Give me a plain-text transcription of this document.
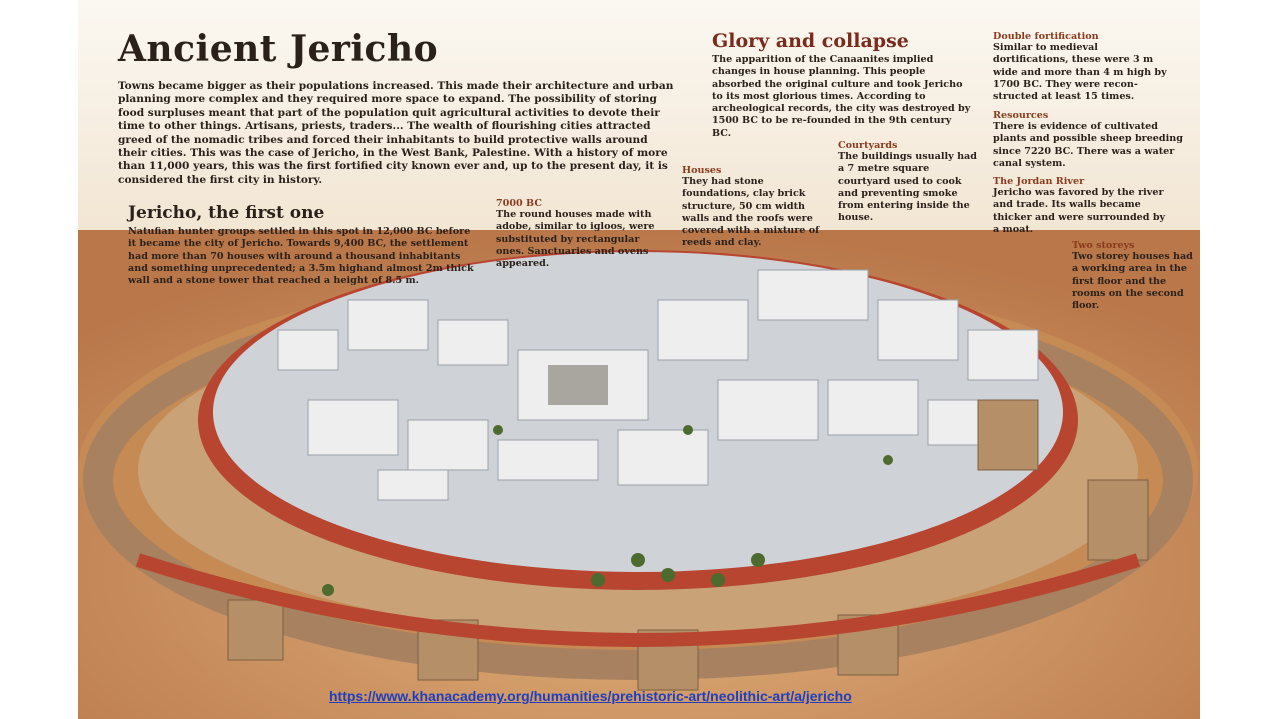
Ancient Jericho
Towns became bigger as their populations increased. This made their architecture and urban planning more complex and they required more space to expand. The possibility of storing food surpluses meant that part of the population quit agricultural activities to devote their time to other things. Artisans, priests, traders... The wealth of flourishing cities attracted greed of the nomadic tribes and forced their inhabitants to build protective walls around their cities. This was the case of Jericho, in the West Bank, Palestine. With a history of more than 11,000 years, this was the first fortified city known ever and, up to the present day, it is considered the first city in history.
Jericho, the first one
Natufian hunter groups settled in this spot in 12,000 BC before it became the city of Jericho. Towards 9,400 BC, the settlement had more than 70 houses with around a thousand inhabitants and something unprecedented; a 3.5m highand almost 2m thick wall and a stone tower that reached a height of 8.5 m.
7000 BC
The round houses made with adobe, similar to igloos, were substituted by rectangular ones. Sanctuaries and ovens appeared.
Glory and collapse
The apparition of the Canaanites implied changes in house planning. This people absorbed the original culture and took Jericho to its most glorious times. According to archeological records, the city was destroyed by 1500 BC to be re-founded in the 9th century BC.
Houses
They had stone foundations, clay brick structure, 50 cm width walls and the roofs were covered with a mixture of reeds and clay.
Courtyards
The buildings usually had a 7 metre square courtyard used to cook and preventing smoke from entering inside the house.
Double fortification
Similar to medieval dortifications, these were 3 m wide and more than 4 m high by 1700 BC. They were recon- structed at least 15 times.
Resources
There is evidence of cultivated plants and possible sheep breeding since 7220 BC. There was a water canal system.
The Jordan River
Jericho was favored by the river and trade. Its walls became thicker and were surrounded by a moat.
Two storeys
Two storey houses had a working area in the first floor and the rooms on the second floor.
https://www.khanacademy.org/humanities/prehistoric-art/neolithic-art/a/jericho
